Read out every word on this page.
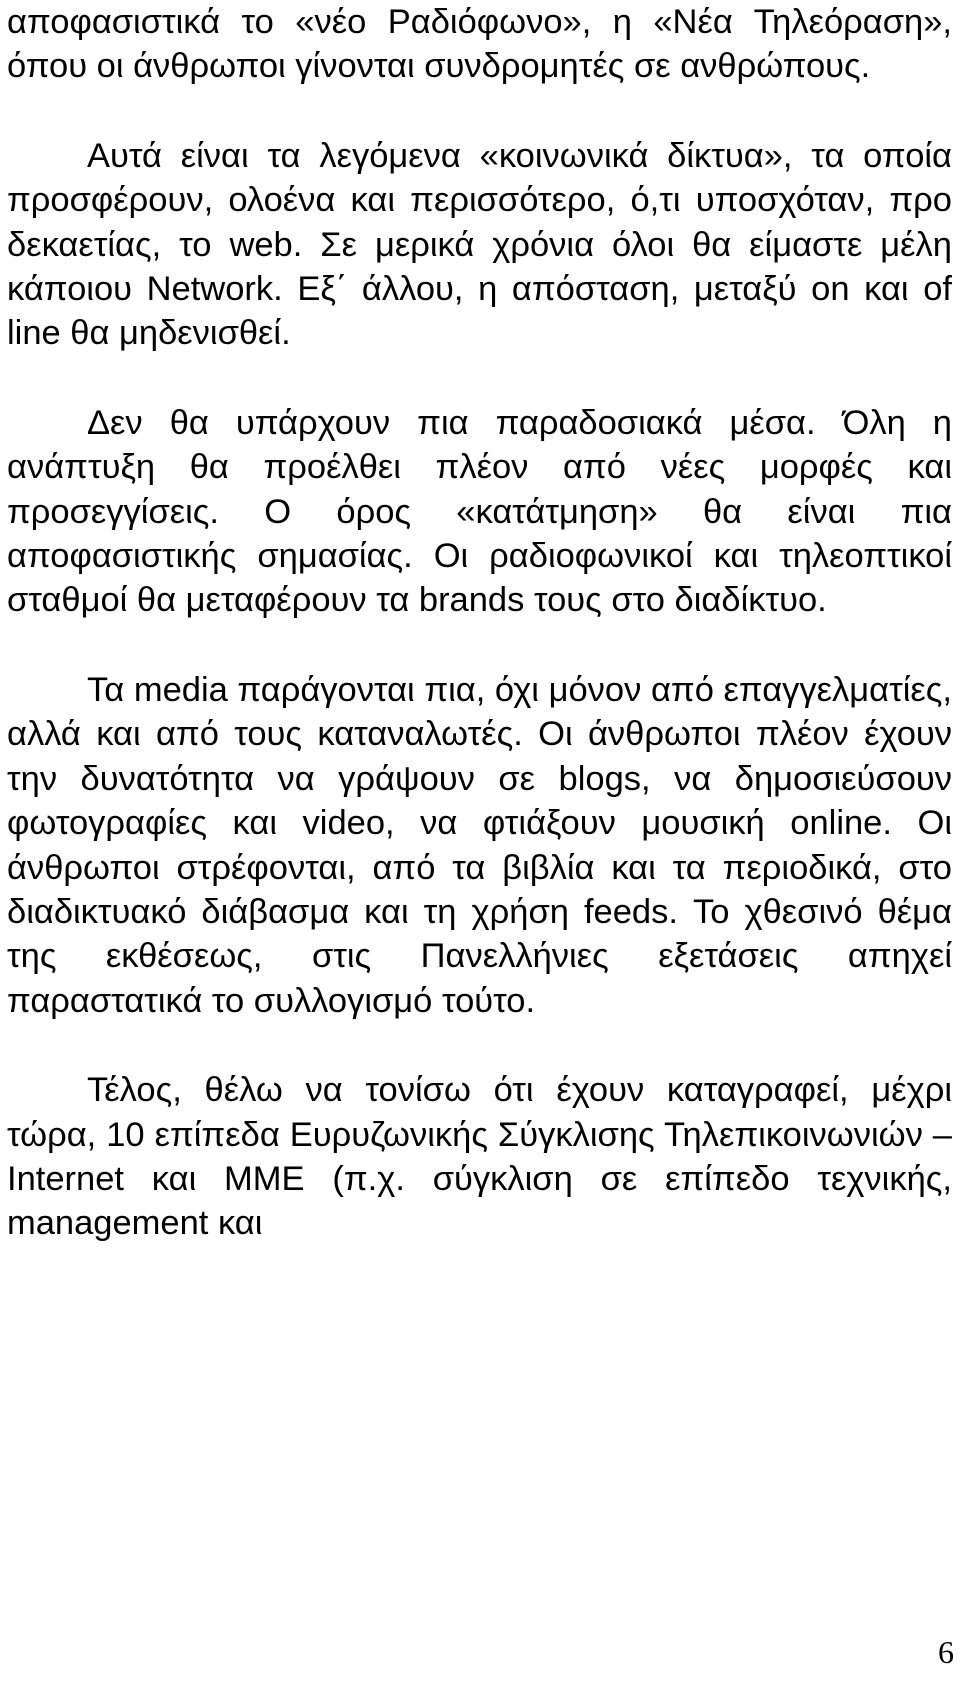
αποφασιστικά το «νέο Ραδιόφωνο», η «Νέα Τηλεόραση», όπου οι άνθρωποι γίνονται συνδρομητές σε ανθρώπους.

Αυτά είναι τα λεγόμενα «κοινωνικά δίκτυα», τα οποία προσφέρουν, ολοένα και περισσότερο, ό,τι υποσχόταν, προ δεκαετίας, το web. Σε μερικά χρόνια όλοι θα είμαστε μέλη κάποιου Network. Εξ΄ άλλου, η απόσταση, μεταξύ on και of line θα μηδενισθεί.

Δεν θα υπάρχουν πια παραδοσιακά μέσα. Όλη η ανάπτυξη θα προέλθει πλέον από νέες μορφές και προσεγγίσεις. Ο όρος «κατάτμηση» θα είναι πια αποφασιστικής σημασίας. Οι ραδιοφωνικοί και τηλεοπτικοί σταθμοί θα μεταφέρουν τα brands τους στο διαδίκτυο.

Τα media παράγονται πια, όχι μόνον από επαγγελματίες, αλλά και από τους καταναλωτές. Οι άνθρωποι πλέον έχουν την δυνατότητα να γράψουν σε blogs, να δημοσιεύσουν φωτογραφίες και video, να φτιάξουν μουσική online. Οι άνθρωποι στρέφονται, από τα βιβλία και τα περιοδικά, στο διαδικτυακό διάβασμα και τη χρήση feeds. Το χθεσινό θέμα της εκθέσεως, στις Πανελλήνιες εξετάσεις απηχεί παραστατικά το συλλογισμό τούτο.

Τέλος, θέλω να τονίσω ότι έχουν καταγραφεί, μέχρι τώρα, 10 επίπεδα Ευρυζωνικής Σύγκλισης Τηλεπικοινωνιών – Internet και ΜΜΕ (π.χ. σύγκλιση σε επίπεδο τεχνικής, management και

6
